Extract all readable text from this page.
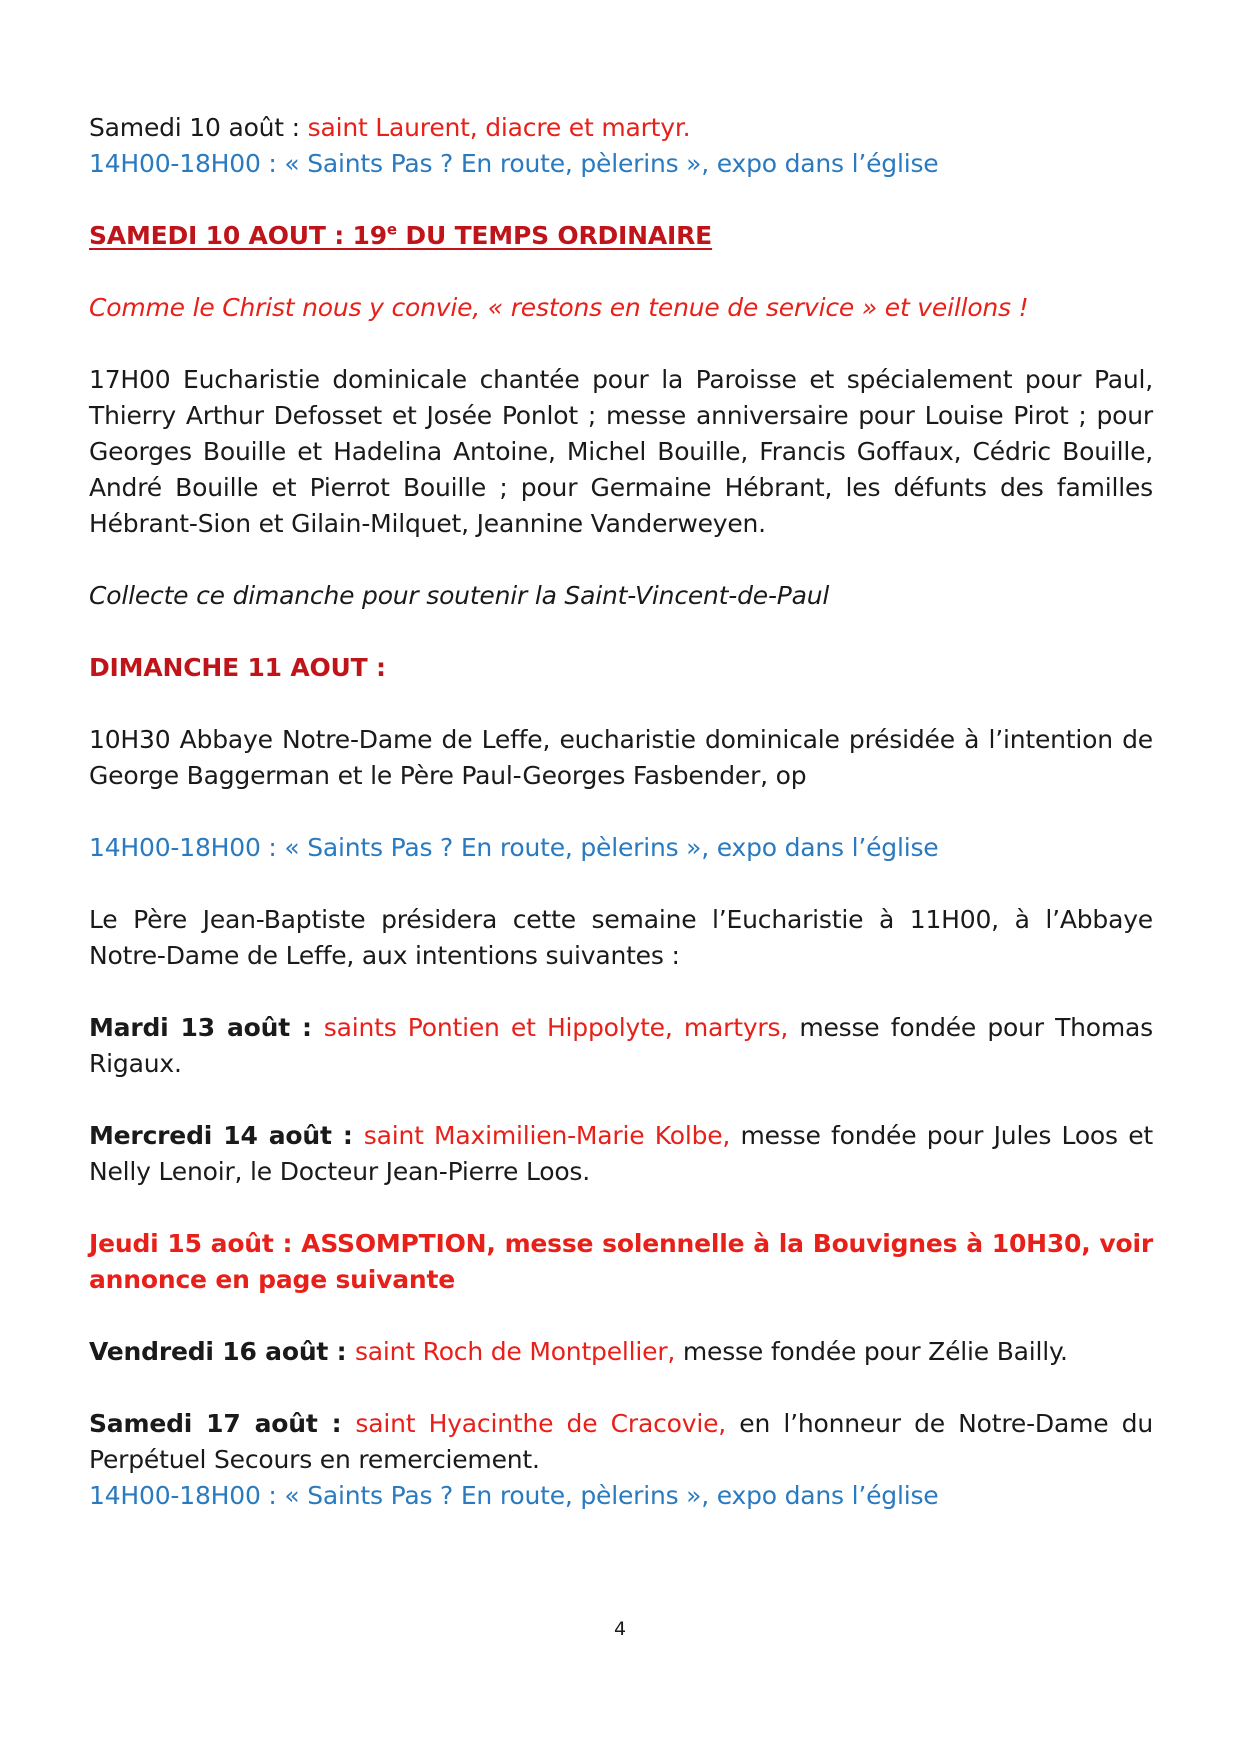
Samedi 10 août : saint Laurent, diacre et martyr.
14H00-18H00 : « Saints Pas ? En route, pèlerins », expo dans l’église
SAMEDI 10 AOUT : 19e DU TEMPS ORDINAIRE
Comme le Christ nous y convie, « restons en tenue de service » et veillons !
17H00 Eucharistie dominicale chantée pour la Paroisse et spécialement pour Paul, Thierry Arthur Defosset et Josée Ponlot ; messe anniversaire pour Louise Pirot ; pour Georges Bouille et Hadelina Antoine, Michel Bouille, Francis Goffaux, Cédric Bouille, André Bouille et Pierrot Bouille ; pour Germaine Hébrant, les défunts des familles Hébrant-Sion et Gilain-Milquet, Jeannine Vanderweyen.
Collecte ce dimanche pour soutenir la Saint-Vincent-de-Paul
DIMANCHE 11 AOUT :
10H30 Abbaye Notre-Dame de Leffe, eucharistie dominicale présidée à l’intention de George Baggerman et le Père Paul-Georges Fasbender, op
14H00-18H00 : « Saints Pas ? En route, pèlerins », expo dans l’église
Le Père Jean-Baptiste présidera cette semaine l’Eucharistie à 11H00, à l’Abbaye Notre-Dame de Leffe, aux intentions suivantes :
Mardi 13 août : saints Pontien et Hippolyte, martyrs, messe fondée pour Thomas Rigaux.
Mercredi 14 août : saint Maximilien-Marie Kolbe, messe fondée pour Jules Loos et Nelly Lenoir, le Docteur Jean-Pierre Loos.
Jeudi 15 août : ASSOMPTION, messe solennelle à la Bouvignes à 10H30, voir annonce en page suivante
Vendredi 16 août : saint Roch de Montpellier, messe fondée pour Zélie Bailly.
Samedi 17 août : saint Hyacinthe de Cracovie, en l’honneur de Notre-Dame du Perpétuel Secours en remerciement.
14H00-18H00 : « Saints Pas ? En route, pèlerins », expo dans l’église
4
